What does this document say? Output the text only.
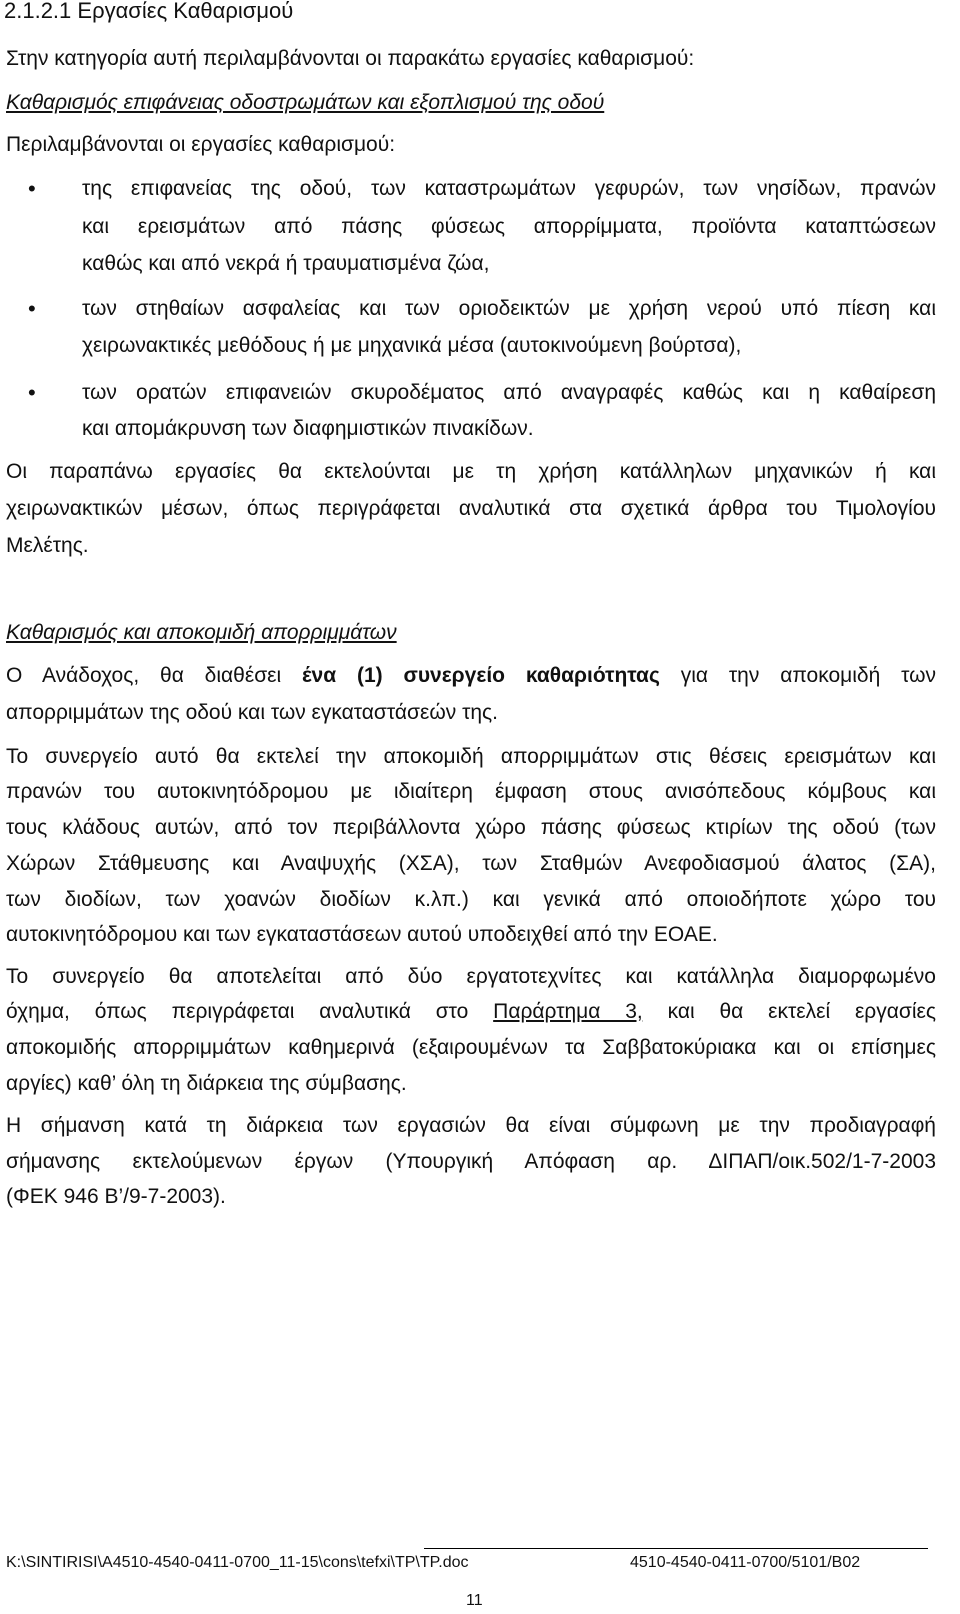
2.1.2.1 Εργασίες Καθαρισμού
Στην κατηγορία αυτή περιλαμβάνονται οι παρακάτω εργασίες καθαρισμού:
Καθαρισμός επιφάνειας οδοστρωμάτων και εξοπλισμού της οδού
Περιλαμβάνονται οι εργασίες καθαρισμού:
• της επιφανείας της οδού, των καταστρωμάτων γεφυρών, των νησίδων, πρανών
και ερεισμάτων από πάσης φύσεως απορρίμματα, προϊόντα καταπτώσεων
καθώς και από νεκρά ή τραυματισμένα ζώα,
• των στηθαίων ασφαλείας και των οριοδεικτών με χρήση νερού υπό πίεση και
χειρωνακτικές μεθόδους ή με μηχανικά μέσα (αυτοκινούμενη βούρτσα),
• των ορατών επιφανειών σκυροδέματος από αναγραφές καθώς και η καθαίρεση
και απομάκρυνση των διαφημιστικών πινακίδων.
Οι παραπάνω εργασίες θα εκτελούνται με τη χρήση κατάλληλων μηχανικών ή και
χειρωνακτικών μέσων, όπως περιγράφεται αναλυτικά στα σχετικά άρθρα του Τιμολογίου
Μελέτης.
Καθαρισμός και αποκομιδή απορριμμάτων
Ο Ανάδοχος, θα διαθέσει ένα (1) συνεργείο καθαριότητας για την αποκομιδή των
απορριμμάτων της οδού και των εγκαταστάσεών της.
Το συνεργείο αυτό θα εκτελεί την αποκομιδή απορριμμάτων στις θέσεις ερεισμάτων και
πρανών του αυτοκινητόδρομου με ιδιαίτερη έμφαση στους ανισόπεδους κόμβους και
τους κλάδους αυτών, από τον περιβάλλοντα χώρο πάσης φύσεως κτιρίων της οδού (των
Χώρων Στάθμευσης και Αναψυχής (ΧΣΑ), των Σταθμών Ανεφοδιασμού άλατος (ΣΑ),
των διοδίων, των χοανών διοδίων κ.λπ.) και γενικά από οποιοδήποτε χώρο του
αυτοκινητόδρομου και των εγκαταστάσεων αυτού υποδειχθεί από την ΕΟΑΕ.
Το συνεργείο θα αποτελείται από δύο εργατοτεχνίτες και κατάλληλα διαμορφωμένο
όχημα, όπως περιγράφεται αναλυτικά στο Παράρτημα 3, και θα εκτελεί εργασίες
αποκομιδής απορριμμάτων καθημερινά (εξαιρουμένων τα Σαββατοκύριακα και οι επίσημες
αργίες) καθ’ όλη τη διάρκεια της σύμβασης.
Η σήμανση κατά τη διάρκεια των εργασιών θα είναι σύμφωνη με την προδιαγραφή
σήμανσης εκτελούμενων έργων (Υπουργική Απόφαση αρ. ΔΙΠΑΠ/οικ.502/1-7-2003
(ΦΕΚ 946 Β’/9-7-2003).
K:\SINTIRISI\A4510-4540-0411-0700_11-15\cons\tefxi\TP\TP.doc	4510-4540-0411-0700/5101/B02
11
